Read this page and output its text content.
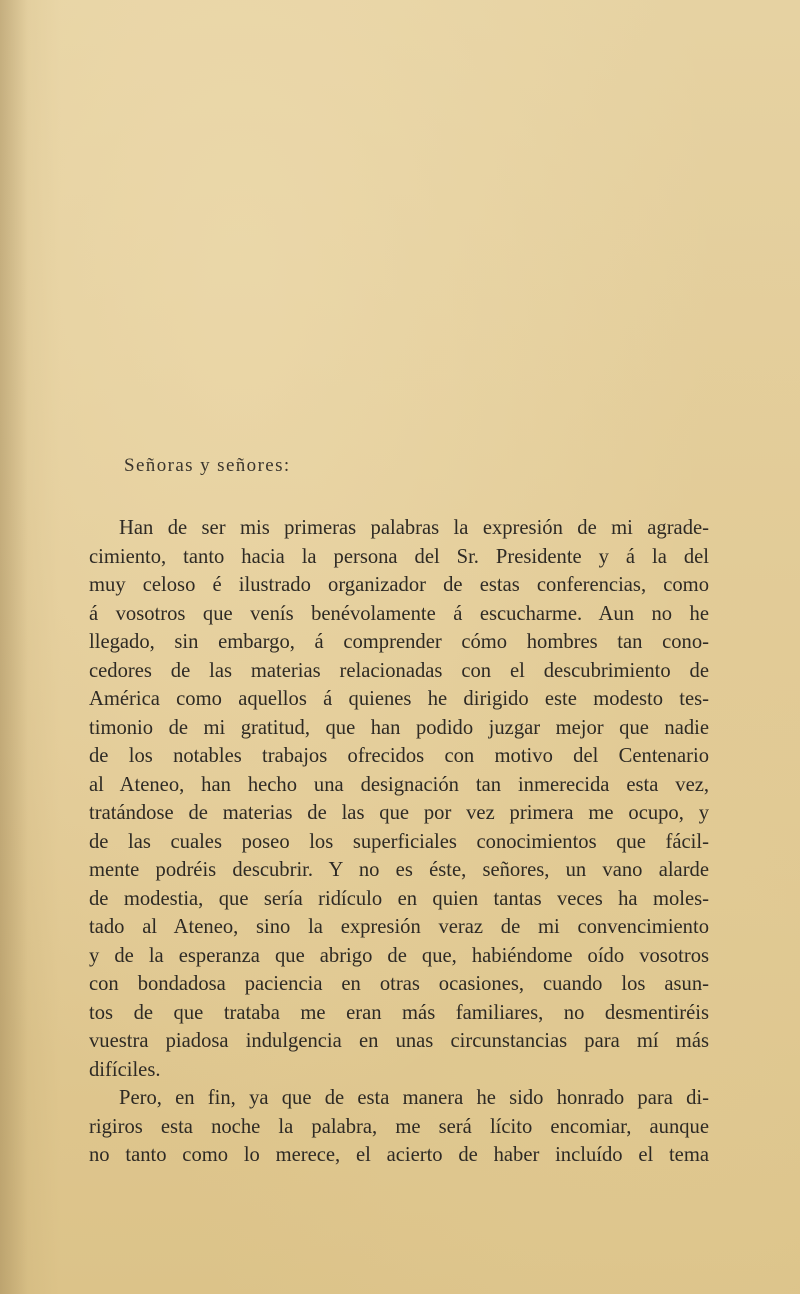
Señoras y señores:
Han de ser mis primeras palabras la expresión de mi agrade-
cimiento, tanto hacia la persona del Sr. Presidente y á la del
muy celoso é ilustrado organizador de estas conferencias, como
á vosotros que venís benévolamente á escucharme. Aun no he
llegado, sin embargo, á comprender cómo hombres tan cono-
cedores de las materias relacionadas con el descubrimiento de
América como aquellos á quienes he dirigido este modesto tes-
timonio de mi gratitud, que han podido juzgar mejor que nadie
de los notables trabajos ofrecidos con motivo del Centenario
al Ateneo, han hecho una designación tan inmerecida esta vez,
tratándose de materias de las que por vez primera me ocupo, y
de las cuales poseo los superficiales conocimientos que fácil-
mente podréis descubrir. Y no es éste, señores, un vano alarde
de modestia, que sería ridículo en quien tantas veces ha moles-
tado al Ateneo, sino la expresión veraz de mi convencimiento
y de la esperanza que abrigo de que, habiéndome oído vosotros
con bondadosa paciencia en otras ocasiones, cuando los asun-
tos de que trataba me eran más familiares, no desmentiréis
vuestra piadosa indulgencia en unas circunstancias para mí más
difíciles.
Pero, en fin, ya que de esta manera he sido honrado para di-
rigiros esta noche la palabra, me será lícito encomiar, aunque
no tanto como lo merece, el acierto de haber incluído el tema
